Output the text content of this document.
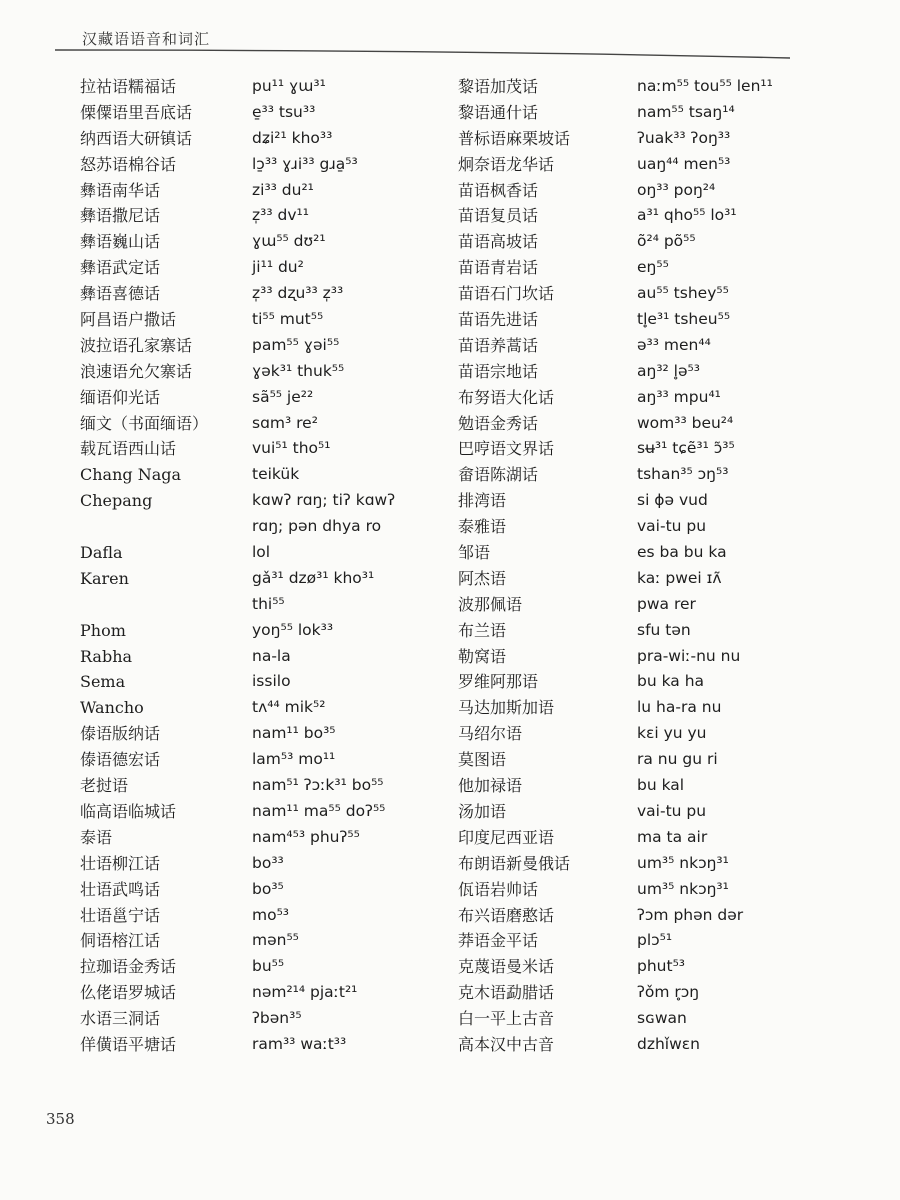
汉藏语语音和词汇
拉祜语糯福话
傈僳语里吾底话
纳西语大研镇话
怒苏语棉谷话
彝语南华话
彝语撒尼话
彝语巍山话
彝语武定话
彝语喜德话
阿昌语户撒话
波拉语孔家寨话
浪速语允欠寨话
缅语仰光话
缅文（书面缅语）
载瓦语西山话
Chang Naga
Chepang
Dafla
Karen
Phom
Rabha
Sema
Wancho
傣语版纳话
傣语德宏话
老挝语
临高语临城话
泰语
壮语柳江话
壮语武鸣话
壮语邕宁话
侗语榕江话
拉珈语金秀话
仫佬语罗城话
水语三洞话
佯僙语平塘话
pu¹¹ ɣɯ³¹
e̱³³ tsu³³
dʑi²¹ kho³³
lɔ̱³³ ɣɹi³³ gɹa̱⁵³
zi³³ du²¹
z̩³³ dv¹¹
ɣɯ⁵⁵ dʊ²¹
ji¹¹ du²
z̩³³ dʐu³³ z̩³³
ti⁵⁵ mut⁵⁵
pam⁵⁵ ɣəi⁵⁵
ɣək³¹ thuk⁵⁵
sã⁵⁵ je²²
sɑm³ re²
vui⁵¹ tho⁵¹
teikük
kɑwʔ rɑŋ; tiʔ kɑwʔ
rɑŋ; pən dhya ro
lol
gǎ³¹ dzø³¹ kho³¹
thi⁵⁵
yoŋ⁵⁵ lok³³
na-la
issilo
tʌ⁴⁴ mik⁵²
nam¹¹ bo³⁵
lam⁵³ mo¹¹
nam⁵¹ ʔɔːk³¹ bo⁵⁵
nam¹¹ ma⁵⁵ doʔ⁵⁵
nam⁴⁵³ phuʔ⁵⁵
bo³³
bo³⁵
mo⁵³
mən⁵⁵
bu⁵⁵
nəm²¹⁴ pjaːt²¹
ʔbən³⁵
ram³³ waːt³³
黎语加茂话
黎语通什话
普标语麻栗坡话
炯奈语龙华话
苗语枫香话
苗语复员话
苗语高坡话
苗语青岩话
苗语石门坎话
苗语先进话
苗语养蒿话
苗语宗地话
布努语大化话
勉语金秀话
巴哼语文界话
畲语陈湖话
排湾语
泰雅语
邹语
阿杰语
波那佩语
布兰语
勒窝语
罗维阿那语
马达加斯加语
马绍尔语
莫图语
他加禄语
汤加语
印度尼西亚语
布朗语新曼俄话
佤语岩帅话
布兴语磨憨话
莽语金平话
克蔑语曼米话
克木语勐腊话
白一平上古音
高本汉中古音
naːm⁵⁵ tou⁵⁵ len¹¹
nam⁵⁵ tsaŋ¹⁴
ʔuak³³ ʔoŋ³³
uaŋ⁴⁴ men⁵³
oŋ³³ poŋ²⁴
a³¹ qho⁵⁵ lo³¹
õ²⁴ põ⁵⁵
eŋ⁵⁵
au⁵⁵ tshey⁵⁵
tl̥e³¹ tsheu⁵⁵
ə³³ men⁴⁴
aŋ³² l̥ə⁵³
aŋ³³ mpu⁴¹
wom³³ beu²⁴
sʉ³¹ tɕẽ³¹ ɔ̃³⁵
tshan³⁵ ɔŋ⁵³
si ɸə vud
vai-tu pu
es ba bu ka
kaː pwei ɪʌ̃
pwa rer
sfu tən
pra-wiː-nu nu
bu ka ha
lu ha-ra nu
kɛi yu yu
ra nu gu ri
bu kal
vai-tu pu
ma ta air
um³⁵ nkɔŋ³¹
um³⁵ nkɔŋ³¹
ʔɔm phən dər
plɔ⁵¹
phut⁵³
ʔǒm r̥ɔŋ
sɢwan
dzhǐwɛn
358
